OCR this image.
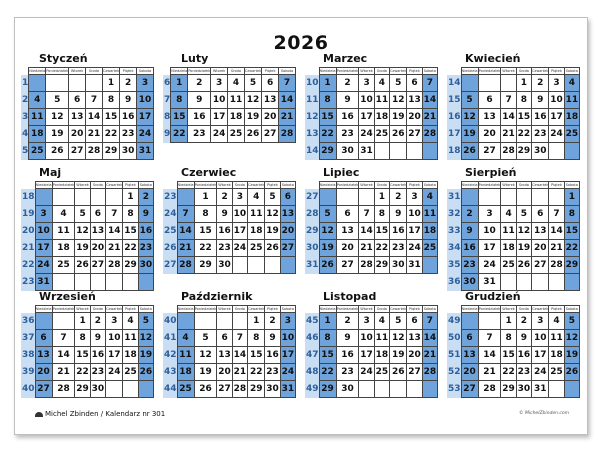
2026
Styczeń
	Niedziela	Poniedziałek	Wtorek	Środa	Czwartek	Piątek	Sobota
1					1	2	3
2	4	5	6	7	8	9	10
3	11	12	13	14	15	16	17
4	18	19	20	21	22	23	24
5	25	26	27	28	29	30	31
Luty
	Niedziela	Poniedziałek	Wtorek	Środa	Czwartek	Piątek	Sobota
6	1	2	3	4	5	6	7
7	8	9	10	11	12	13	14
8	15	16	17	18	19	20	21
9	22	23	24	25	26	27	28
Marzec
	Niedziela	Poniedziałek	Wtorek	Środa	Czwartek	Piątek	Sobota
10	1	2	3	4	5	6	7
11	8	9	10	11	12	13	14
12	15	16	17	18	19	20	21
13	22	23	24	25	26	27	28
14	29	30	31				
Kwiecień
	Niedziela	Poniedziałek	Wtorek	Środa	Czwartek	Piątek	Sobota
14				1	2	3	4
15	5	6	7	8	9	10	11
16	12	13	14	15	16	17	18
17	19	20	21	22	23	24	25
18	26	27	28	29	30		
Maj
	Niedziela	Poniedziałek	Wtorek	Środa	Czwartek	Piątek	Sobota
18						1	2
19	3	4	5	6	7	8	9
20	10	11	12	13	14	15	16
21	17	18	19	20	21	22	23
22	24	25	26	27	28	29	30
23	31						
Czerwiec
	Niedziela	Poniedziałek	Wtorek	Środa	Czwartek	Piątek	Sobota
23		1	2	3	4	5	6
24	7	8	9	10	11	12	13
25	14	15	16	17	18	19	20
26	21	22	23	24	25	26	27
27	28	29	30				
Lipiec
	Niedziela	Poniedziałek	Wtorek	Środa	Czwartek	Piątek	Sobota
27				1	2	3	4
28	5	6	7	8	9	10	11
29	12	13	14	15	16	17	18
30	19	20	21	22	23	24	25
31	26	27	28	29	30	31	
Sierpień
	Niedziela	Poniedziałek	Wtorek	Środa	Czwartek	Piątek	Sobota
31							1
32	2	3	4	5	6	7	8
33	9	10	11	12	13	14	15
34	16	17	18	19	20	21	22
35	23	24	25	26	27	28	29
36	30	31					
Wrzesień
	Niedziela	Poniedziałek	Wtorek	Środa	Czwartek	Piątek	Sobota
36			1	2	3	4	5
37	6	7	8	9	10	11	12
38	13	14	15	16	17	18	19
39	20	21	22	23	24	25	26
40	27	28	29	30			
Październik
	Niedziela	Poniedziałek	Wtorek	Środa	Czwartek	Piątek	Sobota
40					1	2	3
41	4	5	6	7	8	9	10
42	11	12	13	14	15	16	17
43	18	19	20	21	22	23	24
44	25	26	27	28	29	30	31
Listopad
	Niedziela	Poniedziałek	Wtorek	Środa	Czwartek	Piątek	Sobota
45	1	2	3	4	5	6	7
46	8	9	10	11	12	13	14
47	15	16	17	18	19	20	21
48	22	23	24	25	26	27	28
49	29	30					
Grudzień
	Niedziela	Poniedziałek	Wtorek	Środa	Czwartek	Piątek	Sobota
49			1	2	3	4	5
50	6	7	8	9	10	11	12
51	13	14	15	16	17	18	19
52	20	21	22	23	24	25	26
53	27	28	29	30	31		
Michel Zbinden / Kalendarz nr 301	© MichelZbinden.com
